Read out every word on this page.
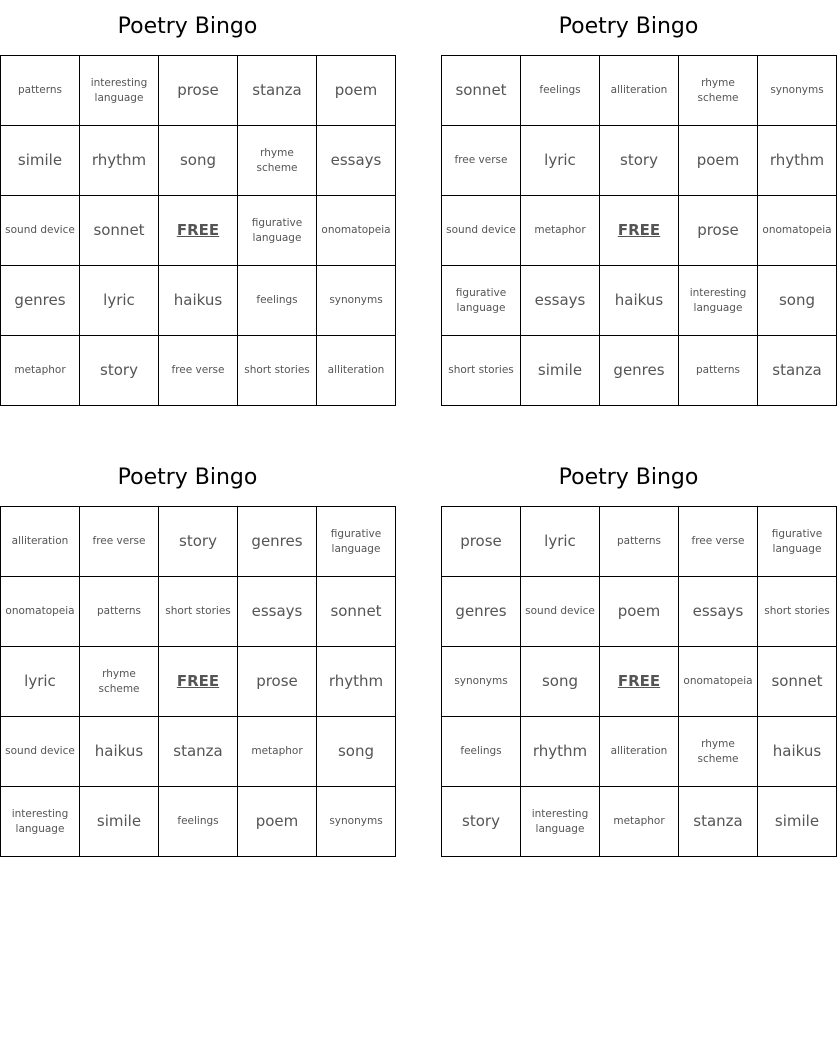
Poetry Bingo
patterns	interesting language	prose	stanza	poem
simile	rhythm	song	rhyme scheme	essays
sound device	sonnet	FREE	figurative language	onomatopeia
genres	lyric	haikus	feelings	synonyms
metaphor	story	free verse	short stories	alliteration
Poetry Bingo
sonnet	feelings	alliteration	rhyme scheme	synonyms
free verse	lyric	story	poem	rhythm
sound device	metaphor	FREE	prose	onomatopeia
figurative language	essays	haikus	interesting language	song
short stories	simile	genres	patterns	stanza
Poetry Bingo
alliteration	free verse	story	genres	figurative language
onomatopeia	patterns	short stories	essays	sonnet
lyric	rhyme scheme	FREE	prose	rhythm
sound device	haikus	stanza	metaphor	song
interesting language	simile	feelings	poem	synonyms
Poetry Bingo
prose	lyric	patterns	free verse	figurative language
genres	sound device	poem	essays	short stories
synonyms	song	FREE	onomatopeia	sonnet
feelings	rhythm	alliteration	rhyme scheme	haikus
story	interesting language	metaphor	stanza	simile
